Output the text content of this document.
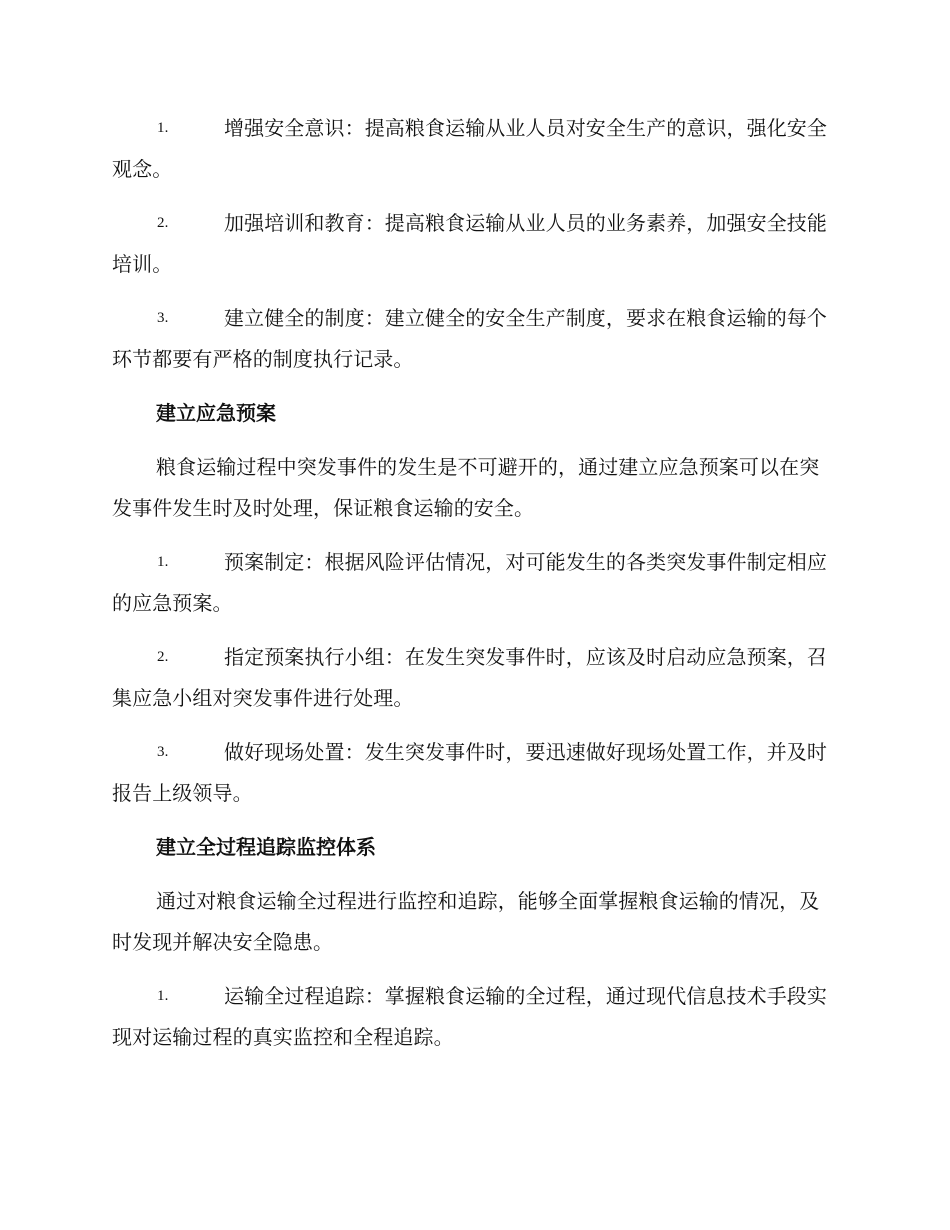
1.	增强安全意识：提高粮食运输从业人员对安全生产的意识，强化安全观念。
2.	加强培训和教育：提高粮食运输从业人员的业务素养，加强安全技能培训。
3.	建立健全的制度：建立健全的安全生产制度，要求在粮食运输的每个环节都要有严格的制度执行记录。
建立应急预案
粮食运输过程中突发事件的发生是不可避开的，通过建立应急预案可以在突发事件发生时及时处理，保证粮食运输的安全。
1.	预案制定：根据风险评估情况，对可能发生的各类突发事件制定相应的应急预案。
2.	指定预案执行小组：在发生突发事件时，应该及时启动应急预案，召集应急小组对突发事件进行处理。
3.	做好现场处置：发生突发事件时，要迅速做好现场处置工作，并及时报告上级领导。
建立全过程追踪监控体系
通过对粮食运输全过程进行监控和追踪，能够全面掌握粮食运输的情况，及时发现并解决安全隐患。
1.	运输全过程追踪：掌握粮食运输的全过程，通过现代信息技术手段实现对运输过程的真实监控和全程追踪。
